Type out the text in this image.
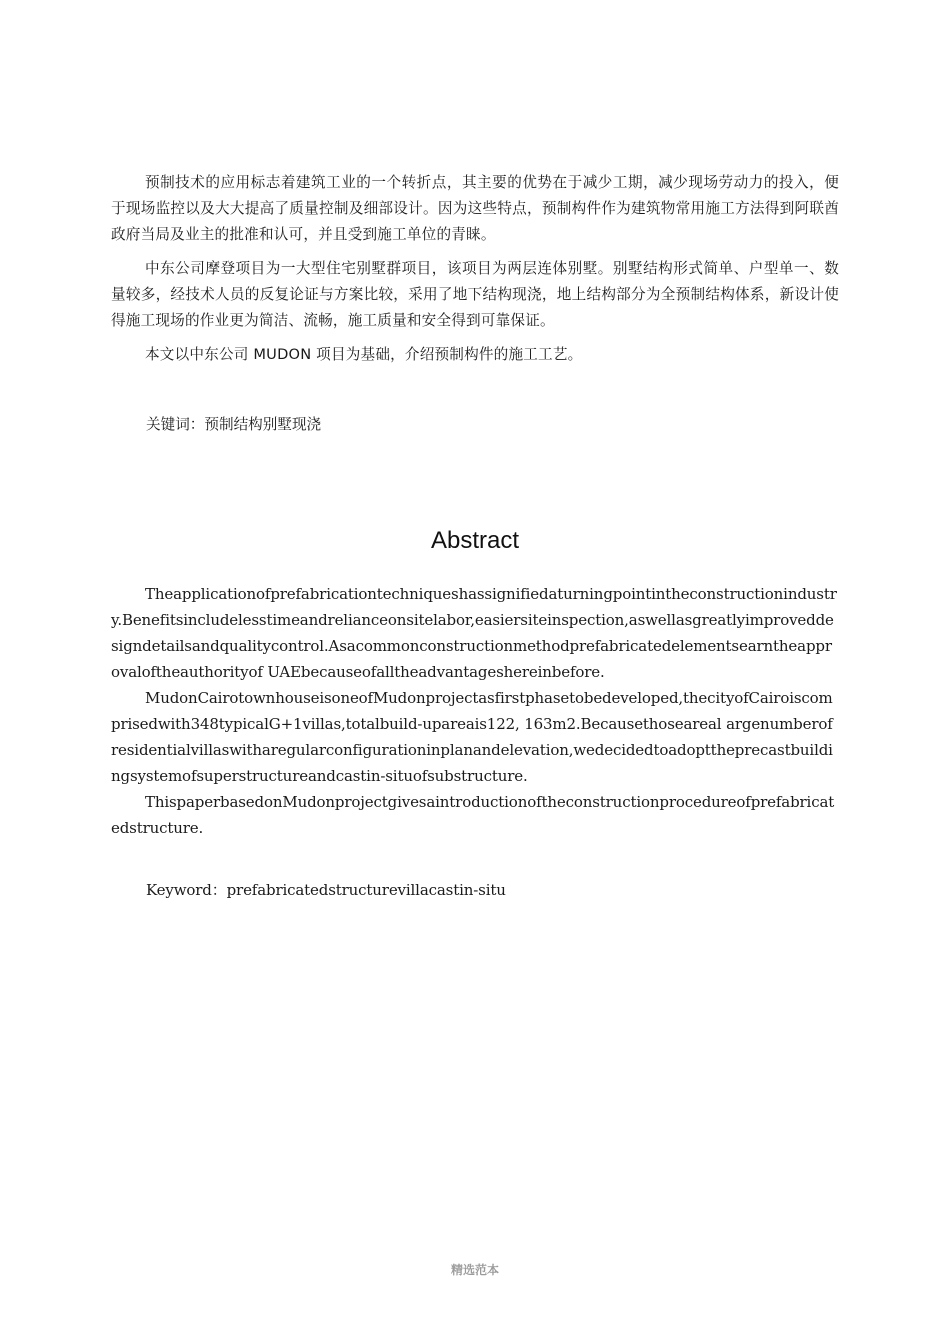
预制技术的应用标志着建筑工业的一个转折点，其主要的优势在于减少工期，减少现场劳动力的投入，便于现场监控以及大大提高了质量控制及细部设计。因为这些特点，预制构件作为建筑物常用施工方法得到阿联酋政府当局及业主的批准和认可，并且受到施工单位的青睐。

中东公司摩登项目为一大型住宅别墅群项目，该项目为两层连体别墅。别墅结构形式简单、户型单一、数量较多，经技术人员的反复论证与方案比较，采用了地下结构现浇，地上结构部分为全预制结构体系，新设计使得施工现场的作业更为简洁、流畅，施工质量和安全得到可靠保证。

本文以中东公司 MUDON 项目为基础，介绍预制构件的施工工艺。

关键词：预制结构别墅现浇
Abstract

Theapplicationofprefabricationtechniqueshassignifiedaturningpointintheconstructionindustry.Benefitsincludelesstimeandrelianceonsitelabor,easiersiteinspection,aswellasgreatlyimproveddesigndetailsandqualitycontrol.Asacommonconstructionmethodprefabricatedelementsearntheapprovaloftheauthorityof UAEbecauseofalltheadvantageshereinbefore.

MudonCairotownhouseisoneofMudonprojectasfirstphasetobedeveloped,thecityofCairoiscomprisedwith348typicalG+1villas,totalbuild-upareais122, 163m2.Becausethoseareal argenumberofresidentialvillaswitharegularconfigurationinplanandelevation,wedecidedtoadopttheprecastbuildingsystemofsuperstructureandcastin-situofsubstructure.

ThispaperbasedonMudonprojectgivesaintroductionoftheconstructionprocedureofprefabricatedstructure.

Keyword：prefabricatedstructurevillacastin-situ
精选范本
